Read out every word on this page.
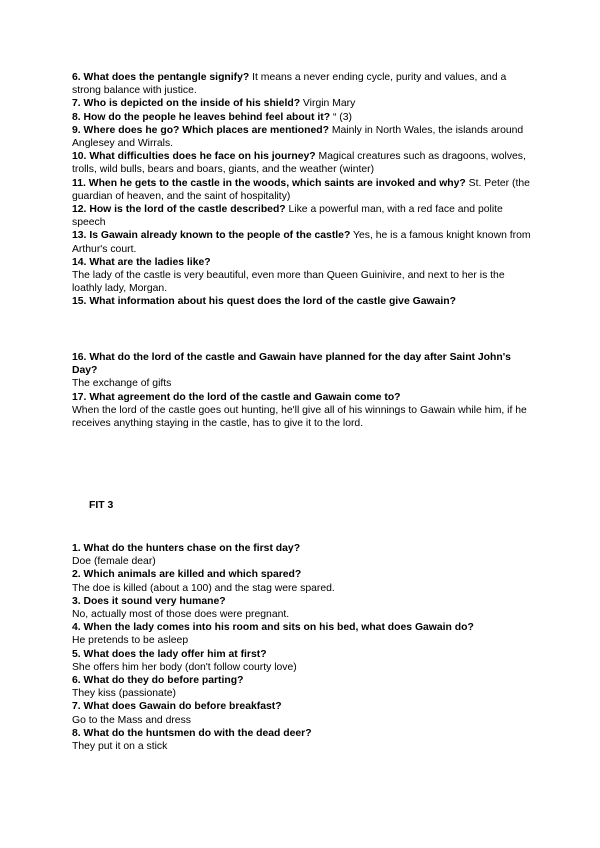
6. What does the pentangle signify? It means a never ending cycle, purity and values, and a strong balance with justice.

7. Who is depicted on the inside of his shield? Virgin Mary

8. How do the people he leaves behind feel about it? “ (3)

9. Where does he go? Which places are mentioned? Mainly in North Wales, the islands around Anglesey and Wirrals.

10. What difficulties does he face on his journey? Magical creatures such as dragoons, wolves, trolls, wild bulls, bears and boars, giants, and the weather (winter)

11. When he gets to the castle in the woods, which saints are invoked and why? St. Peter (the guardian of heaven, and the saint of hospitality)

12. How is the lord of the castle described? Like a powerful man, with a red face and polite speech

13. Is Gawain already known to the people of the castle? Yes, he is a famous knight known from Arthur's court.

14. What are the ladies like?

The lady of the castle is very beautiful, even more than Queen Guinivire, and next to her is the loathly lady, Morgan.

15. What information about his quest does the lord of the castle give Gawain?

16. What do the lord of the castle and Gawain have planned for the day after Saint John's Day?

The exchange of gifts

17. What agreement do the lord of the castle and Gawain come to?

When the lord of the castle goes out hunting, he'll give all of his winnings to Gawain while him, if he receives anything staying in the castle, has to give it to the lord.

FIT 3

1. What do the hunters chase on the first day?

Doe (female dear)

2. Which animals are killed and which spared?

The doe is killed (about a 100) and the stag were spared.

3. Does it sound very humane?

No, actually most of those does were pregnant.

4. When the lady comes into his room and sits on his bed, what does Gawain do?

He pretends to be asleep

5. What does the lady offer him at first?

She offers him her body (don't follow courty love)

6. What do they do before parting?

They kiss (passionate)

7. What does Gawain do before breakfast?

Go to the Mass and dress

8. What do the huntsmen do with the dead deer?

They put it on a stick
